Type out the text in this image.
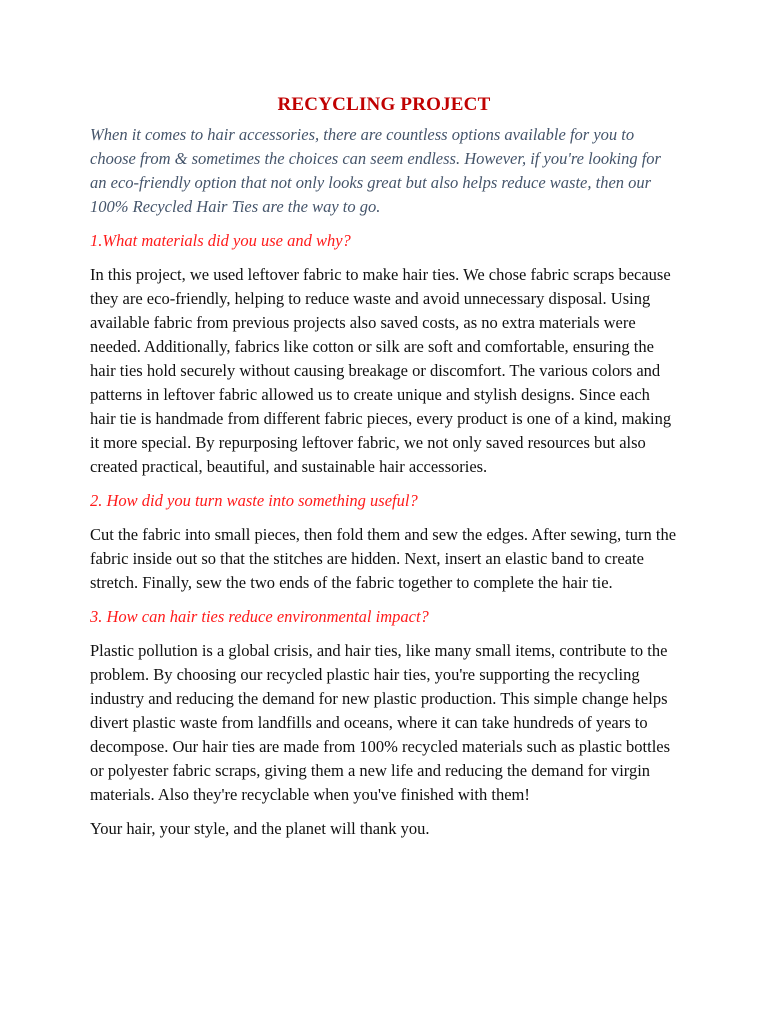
RECYCLING PROJECT

When it comes to hair accessories, there are countless options available for you to choose from & sometimes the choices can seem endless. However, if you're looking for an eco-friendly option that not only looks great but also helps reduce waste, then our 100% Recycled Hair Ties are the way to go.

1.What materials did you use and why?

In this project, we used leftover fabric to make hair ties. We chose fabric scraps because they are eco-friendly, helping to reduce waste and avoid unnecessary disposal. Using available fabric from previous projects also saved costs, as no extra materials were needed. Additionally, fabrics like cotton or silk are soft and comfortable, ensuring the hair ties hold securely without causing breakage or discomfort. The various colors and patterns in leftover fabric allowed us to create unique and stylish designs. Since each hair tie is handmade from different fabric pieces, every product is one of a kind, making it more special. By repurposing leftover fabric, we not only saved resources but also created practical, beautiful, and sustainable hair accessories.

2. How did you turn waste into something useful?

Cut the fabric into small pieces, then fold them and sew the edges. After sewing, turn the fabric inside out so that the stitches are hidden. Next, insert an elastic band to create stretch. Finally, sew the two ends of the fabric together to complete the hair tie.

3. How can hair ties reduce environmental impact?

Plastic pollution is a global crisis, and hair ties, like many small items, contribute to the problem. By choosing our recycled plastic hair ties, you're supporting the recycling industry and reducing the demand for new plastic production. This simple change helps divert plastic waste from landfills and oceans, where it can take hundreds of years to decompose. Our hair ties are made from 100% recycled materials such as plastic bottles or polyester fabric scraps, giving them a new life and reducing the demand for virgin materials. Also they're recyclable when you've finished with them!

Your hair, your style, and the planet will thank you.
